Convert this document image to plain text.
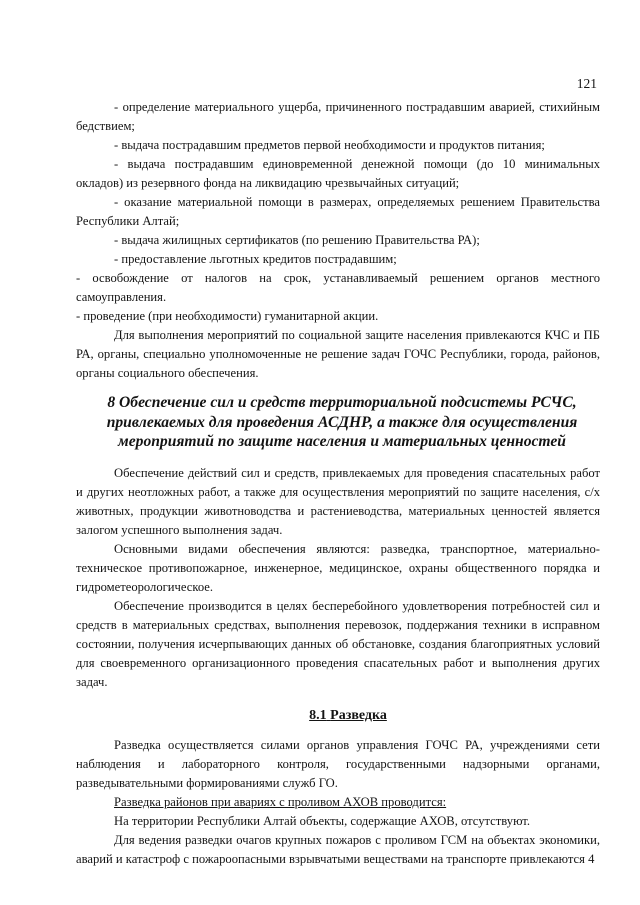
121

- определение материального ущерба, причиненного пострадавшим аварией, стихийным бедствием;

- выдача пострадавшим предметов первой необходимости и продуктов питания;

- выдача пострадавшим единовременной денежной помощи (до 10 минимальных окладов) из резервного фонда на ликвидацию чрезвычайных ситуаций;

- оказание материальной помощи в размерах, определяемых решением Правительства Республики Алтай;

- выдача жилищных сертификатов (по решению Правительства РА);

- предоставление льготных кредитов пострадавшим;

- освобождение от налогов на срок, устанавливаемый решением органов местного самоуправления.

- проведение (при необходимости) гуманитарной акции.

Для выполнения мероприятий по социальной защите населения привлекаются КЧС и ПБ РА, органы, специально уполномоченные не решение задач ГОЧС Республики, города, районов, органы социального обеспечения.

8 Обеспечение сил и средств территориальной подсистемы РСЧС, привлекаемых для проведения АСДНР, а также для осуществления мероприятий по защите населения и материальных ценностей

Обеспечение действий сил и средств, привлекаемых для проведения спасательных работ и других неотложных работ, а также для осуществления мероприятий по защите населения, с/х животных, продукции животноводства и растениеводства, материальных ценностей является залогом успешного выполнения задач.

Основными видами обеспечения являются: разведка, транспортное, материально-техническое противопожарное, инженерное, медицинское, охраны общественного порядка и гидрометеорологическое.

Обеспечение производится в целях бесперебойного удовлетворения потребностей сил и средств в материальных средствах, выполнения перевозок, поддержания техники в исправном состоянии, получения исчерпывающих данных об обстановке, создания благоприятных условий для своевременного организационного проведения спасательных работ и выполнения других задач.

8.1 Разведка

Разведка осуществляется силами органов управления ГОЧС РА, учреждениями сети наблюдения и лабораторного контроля, государственными надзорными органами, разведывательными формированиями служб ГО.

Разведка районов при авариях с проливом АХОВ проводится:

На территории Республики Алтай объекты, содержащие АХОВ, отсутствуют.

Для ведения разведки очагов крупных пожаров с проливом ГСМ на объектах экономики, аварий и катастроф с пожароопасными взрывчатыми веществами на транспорте привлекаются 4
